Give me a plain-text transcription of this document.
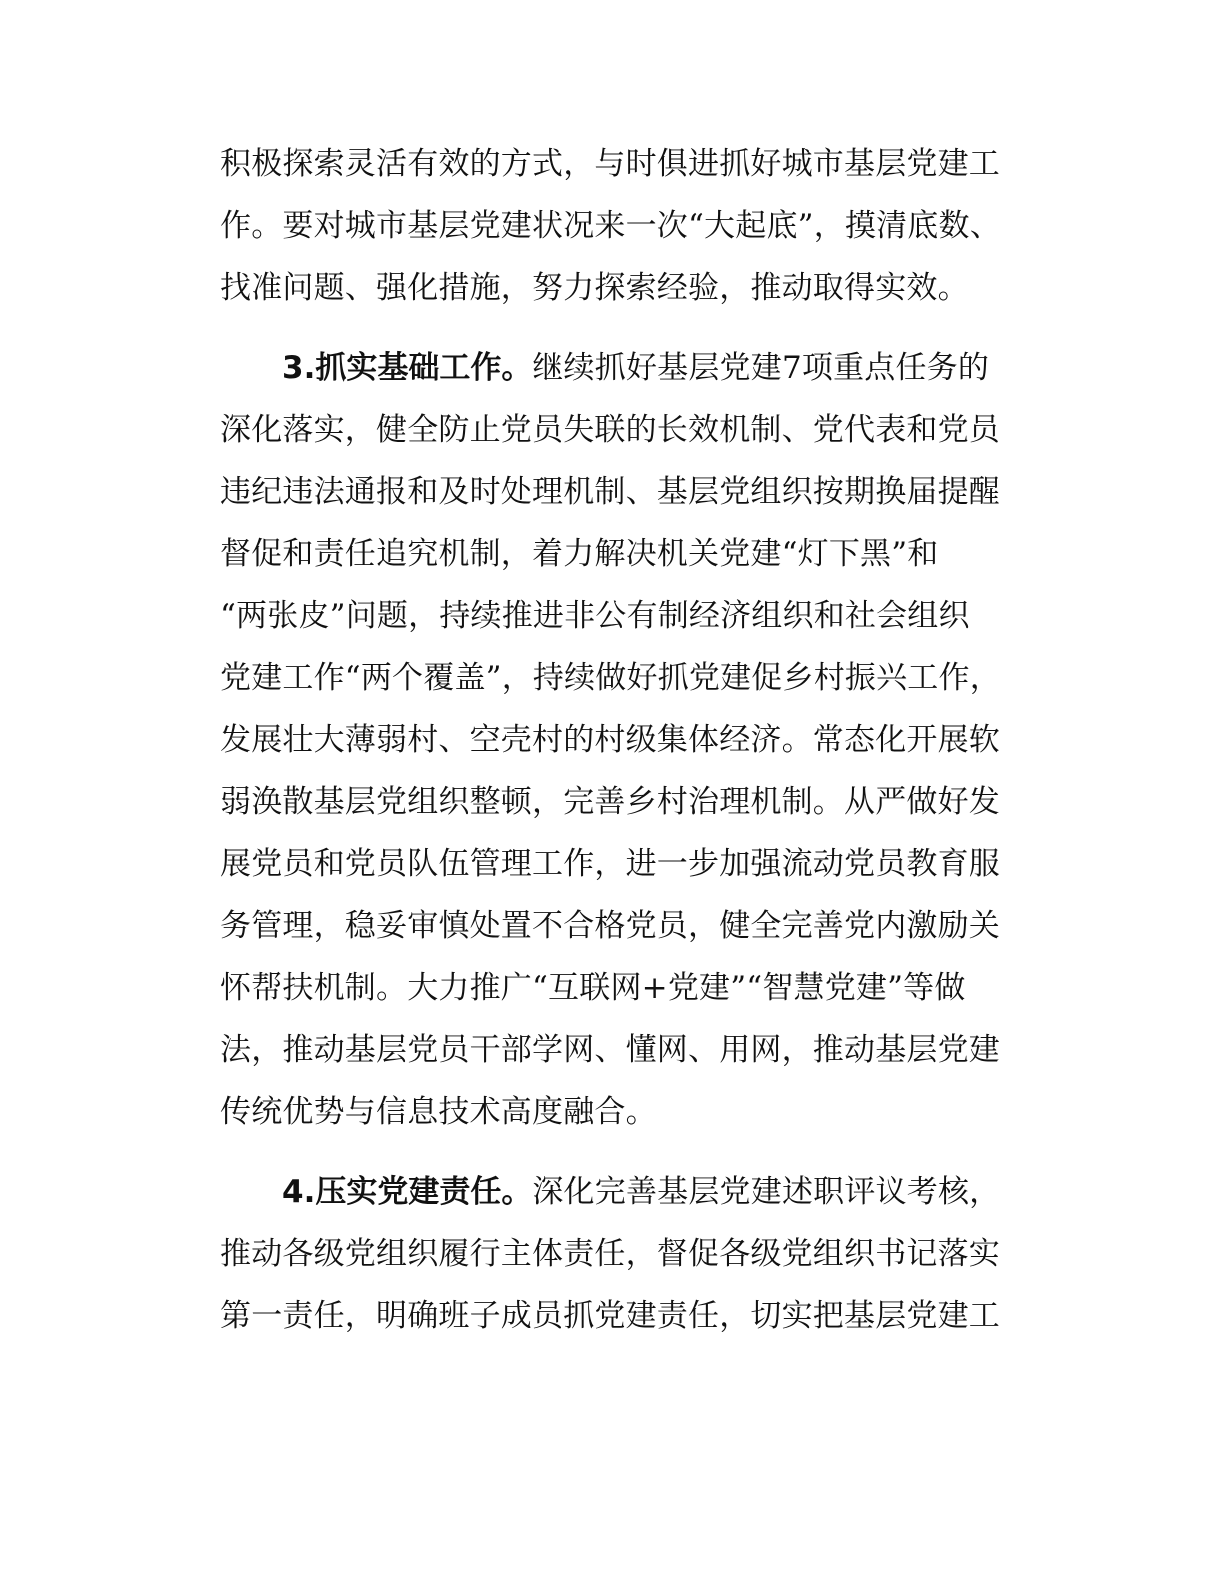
积极探索灵活有效的方式，与时俱进抓好城市基层党建工
作。要对城市基层党建状况来一次“大起底”，摸清底数、
找准问题、强化措施，努力探索经验，推动取得实效。
3.抓实基础工作。继续抓好基层党建7项重点任务的
深化落实，健全防止党员失联的长效机制、党代表和党员
违纪违法通报和及时处理机制、基层党组织按期换届提醒
督促和责任追究机制，着力解决机关党建“灯下黑”和
“两张皮”问题，持续推进非公有制经济组织和社会组织
党建工作“两个覆盖”，持续做好抓党建促乡村振兴工作，
发展壮大薄弱村、空壳村的村级集体经济。常态化开展软
弱涣散基层党组织整顿，完善乡村治理机制。从严做好发
展党员和党员队伍管理工作，进一步加强流动党员教育服
务管理，稳妥审慎处置不合格党员，健全完善党内激励关
怀帮扶机制。大力推广“互联网+党建”“智慧党建”等做
法，推动基层党员干部学网、懂网、用网，推动基层党建
传统优势与信息技术高度融合。
4.压实党建责任。深化完善基层党建述职评议考核，
推动各级党组织履行主体责任，督促各级党组织书记落实
第一责任，明确班子成员抓党建责任，切实把基层党建工
